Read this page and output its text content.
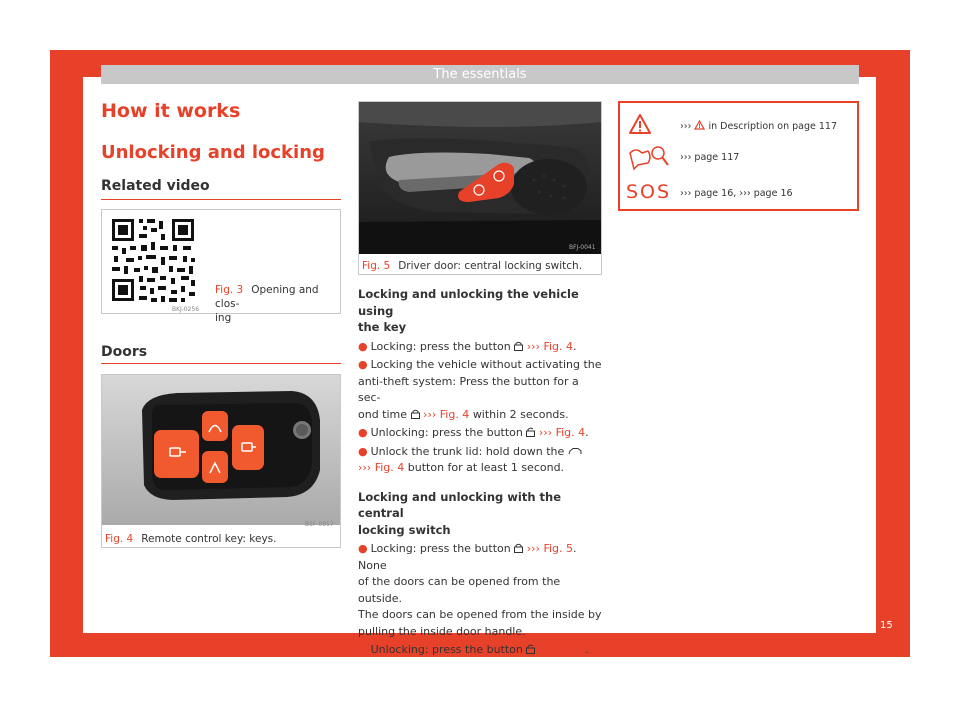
The essentials
How it works
Unlocking and locking
Related video
BKJ-0256
Fig. 3 Opening and clos-
ing
Doors
B5F-0957
Fig. 4 Remote control key: keys.
BFJ-0041
Fig. 5 Driver door: central locking switch.
Locking and unlocking the vehicle using
the key
● Locking: press the button ››› Fig. 4.
● Locking the vehicle without activating the
anti-theft system: Press the button for a sec-
ond time ››› Fig. 4 within 2 seconds.
● Unlocking: press the button ››› Fig. 4.
● Unlock the trunk lid: hold down the
››› Fig. 4 button for at least 1 second.
Locking and unlocking with the central
locking switch
● Locking: press the button ››› Fig. 5. None
of the doors can be opened from the outside.
The doors can be opened from the inside by
pulling the inside door handle.
● Unlocking: press the button ››› Fig. 5.
››› in Description on page 117
››› page 117
SOS ››› page 16, ››› page 16
15
